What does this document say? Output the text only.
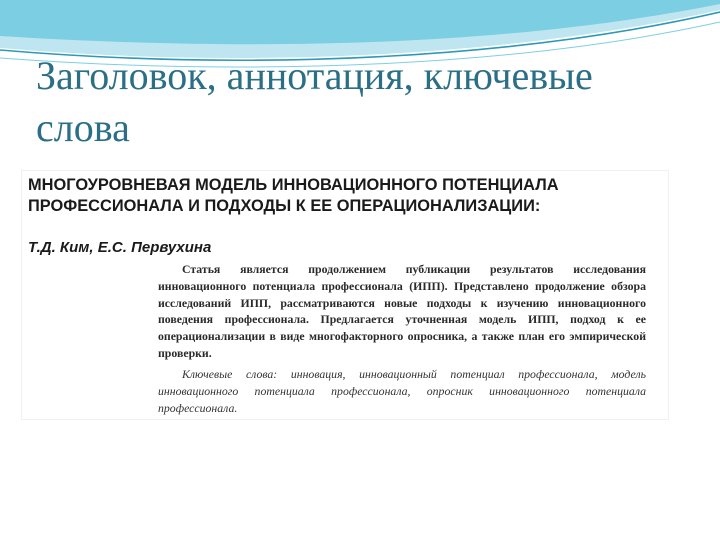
Заголовок, аннотация, ключевые слова

МНОГОУРОВНЕВАЯ МОДЕЛЬ ИННОВАЦИОННОГО ПОТЕНЦИАЛА
ПРОФЕССИОНАЛА И ПОДХОДЫ К ЕЕ ОПЕРАЦИОНАЛИЗАЦИИ:

Т.Д. Ким, Е.С. Первухина

Статья является продолжением публикации результатов исследования инновационного потенциала профессионала (ИПП). Представлено продолжение обзора исследований ИПП, рассматриваются новые подходы к изучению инновационного поведения профессионала. Предлагается уточненная модель ИПП, подход к ее операционализации в виде многофакторного опросника, а также план его эмпирической проверки.

Ключевые слова: инновация, инновационный потенциал профессионала, модель инновационного потенциала профессионала, опросник инновационного потенциала профессионала.
